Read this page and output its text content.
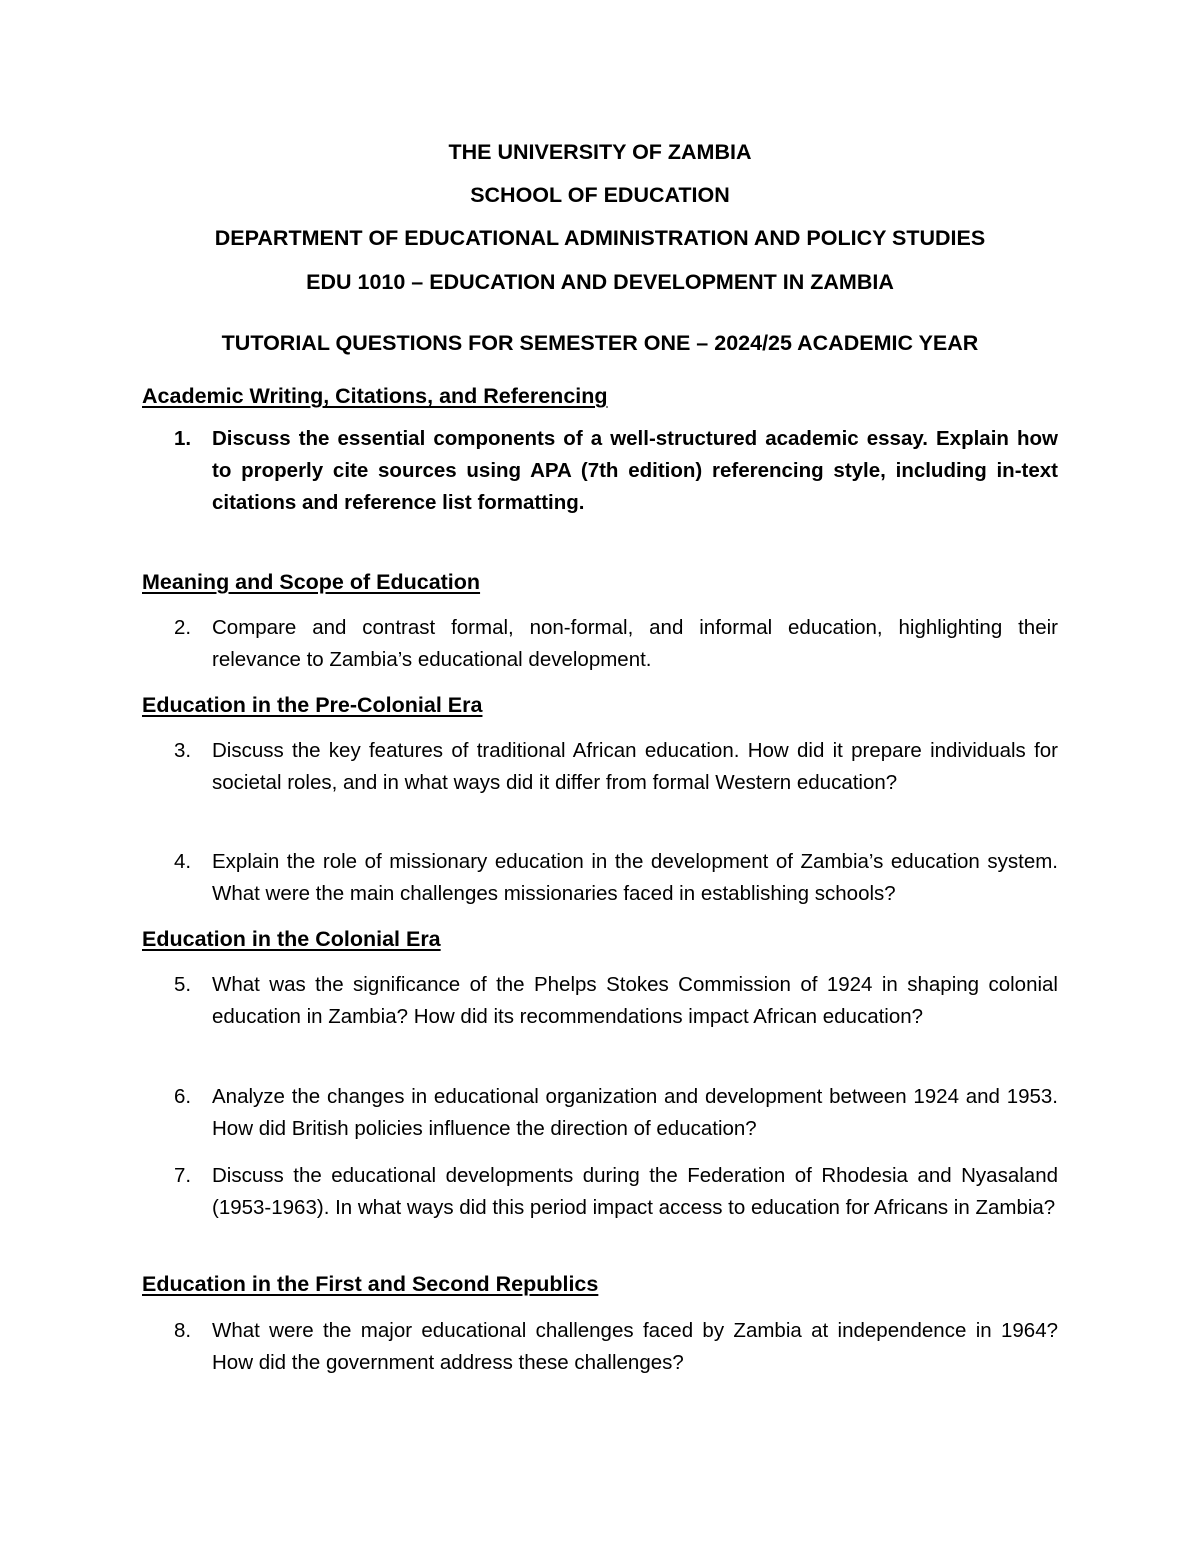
THE UNIVERSITY OF ZAMBIA
SCHOOL OF EDUCATION
DEPARTMENT OF EDUCATIONAL ADMINISTRATION AND POLICY STUDIES
EDU 1010 – EDUCATION AND DEVELOPMENT IN ZAMBIA
TUTORIAL QUESTIONS FOR SEMESTER ONE – 2024/25 ACADEMIC YEAR
Academic Writing, Citations, and Referencing
1.	Discuss the essential components of a well-structured academic essay. Explain how to properly cite sources using APA (7th edition) referencing style, including in-text citations and reference list formatting.
Meaning and Scope of Education
2.	Compare and contrast formal, non-formal, and informal education, highlighting their relevance to Zambia’s educational development.
Education in the Pre-Colonial Era
3.	Discuss the key features of traditional African education. How did it prepare individuals for societal roles, and in what ways did it differ from formal Western education?
4.	Explain the role of missionary education in the development of Zambia’s education system. What were the main challenges missionaries faced in establishing schools?
Education in the Colonial Era
5.	What was the significance of the Phelps Stokes Commission of 1924 in shaping colonial education in Zambia? How did its recommendations impact African education?
6.	Analyze the changes in educational organization and development between 1924 and 1953. How did British policies influence the direction of education?
7.	Discuss the educational developments during the Federation of Rhodesia and Nyasaland (1953-1963). In what ways did this period impact access to education for Africans in Zambia?
Education in the First and Second Republics
8.	What were the major educational challenges faced by Zambia at independence in 1964? How did the government address these challenges?
